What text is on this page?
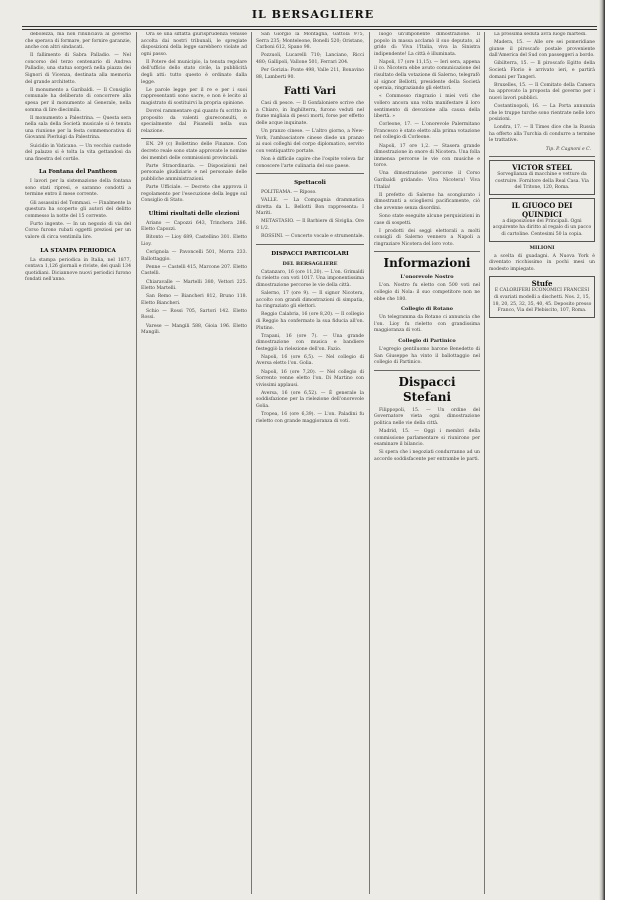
IL BERSAGLIERE

debolezza, ma non rinunciava al governo che sperava di formare, per fornire garanzie, anche con altri sindacati.

Il fallimento di Sabra Palladio. — Nel concorso del terzo centenario di Andrea Palladio, una statua sorgerà nella piazza dei Signori di Vicenza, destinata alla memoria del grande architetto.

Il monumento a Garibaldi. — Il Consiglio comunale ha deliberato di concorrere alla spesa per il monumento al Generale, nella somma di lire diecimila.

Il monumento a Palestrina. — Questa sera nella sala della Società musicale si è tenuta una riunione per la festa commemorativa di Giovanni Pierluigi da Palestrina.

Suicidio in Vaticano. — Un vecchio custode del palazzo si è tolta la vita gettandosi da una finestra del cortile.

La Fontana del Pantheon

I lavori per la sistemazione della fontana sono stati ripresi, e saranno condotti a termine entro il mese corrente.

Gli assassini del Tommasi. — Finalmente la questura ha scoperto gli autori del delitto commesso la notte del 15 corrente.

Furto ingente. — In un negozio di via del Corso furono rubati oggetti preziosi per un valore di circa ventimila lire.

LA STAMPA PERIODICA

La stampa periodica in Italia, nel 1877, contava 1,126 giornali e riviste, dei quali 134 quotidiani. Diciannove nuovi periodici furono fondati nell'anno.

Ora se una siffatta giurisprudenza venisse accolta dai nostri tribunali, le spregiate disposizioni della legge sarebbero violate ad ogni passo.

Il Potere del municipio, la tenuta regolare dell'ufficio dello stato civile, la pubblicità degli atti: tutto questo è ordinato dalla legge.

Le parole legge per il re e per i suoi rappresentanti sono sacre, e non è lecito al magistrato di sostituirvi la propria opinione.

Dovrei rammentare qui quanto fu scritto in proposito da valenti giureconsulti, e specialmente dal Pisanelli nella sua relazione.

EN. 29 (c) Bollettino delle Finanze. Con decreto reale sono state approvate le nomine dei membri delle commissioni provinciali.

Parte Straordinaria. — Disposizioni nel personale giudiziario e nel personale delle pubbliche amministrazioni.

Parte Ufficiale. — Decreto che approva il regolamento per l'esecuzione della legge sul Consiglio di Stato.

Ultimi risultati delle elezioni

Ariano — Capozzi 643, Trinchera 286. Eletto Capozzi.

Bitonto — Lioy 689, Castellino 301. Eletto Lioy.

Cerignola — Pavoncelli 501, Morra 233. Ballottaggio.

Penne — Castelli 415, Marcone 207. Eletto Castelli.

Chiaravalle — Martelli 380, Vettori 225. Eletto Martelli.

San Remo — Biancheri 812, Bruno 118. Eletto Biancheri.

Schio — Rossi 705, Sartori 142. Eletto Rossi.

Varese — Mangili 588, Gioia 196. Eletto Mangili.

San Giorgio la Montagna, Gattola 975, Serra 235; Monteleone, Bonelli 520; Oristano, Carboni 612, Spano 98.

Pozzuoli, Lucarelli 710; Lanciano, Ricci 480; Gallipoli, Vallone 501, Ferrari 204.

Per Gorizia: Ponte 498, Valle 211, Bonavino 88, Lamberti 90.

Fatti Vari

Casi di pesce. — Il Gonfaloniere scrive che a Chiaro, in Inghilterra, furono veduti nel fiume migliaia di pesci morti, forse per effetto delle acque inquinate.

Un pranzo cinese. — L'altro giorno, a New-York, l'ambasciatore cinese diede un pranzo ai suoi colleghi del corpo diplomatico, servito con ventiquattro portate.

Non è difficile capire che l'ospite voleva far conoscere l'arte culinaria del suo paese.

Spettacoli

POLITEAMA. — Riposo.

VALLE. — La Compagnia drammatica diretta da L. Bellotti Bon rappresenta: I Mariti.

METASTASIO. — Il Barbiere di Siviglia. Ore 8 1/2.

ROSSINI. — Concerto vocale e strumentale.

DISPACCI PARTICOLARI
DEL BERSAGLIERE

Catanzaro, 16 (ore 11,20). — L'on. Grimaldi fu rieletto con voti 1017. Una imponentissima dimostrazione percorse le vie della città.

Salerno, 17 (ore 9). — Il signor Nicotera, accolto con grandi dimostrazioni di simpatia, ha ringraziato gli elettori.

Reggio Calabria, 16 (ore 8,20). — Il collegio di Reggio ha confermato la sua fiducia all'on. Plutino.

Trapani, 16 (ore 7). — Una grande dimostrazione con musica e bandiere festeggiò la rielezione dell'on. Fazio.

Napoli, 16 (ore 6,5). — Nel collegio di Aversa eletto l'on. Golia.

Napoli, 16 (ore 7,20). — Nel collegio di Sorrento venne eletto l'on. Di Martino con vivissimi applausi.

Aversa, 16 (ore 6,52). — È generale la soddisfazione per la rielezione dell'onorevole Golia.

Tropea, 16 (ore 6,39). — L'on. Paladini fu rieletto con grande maggioranza di voti.

luogo un'imponente dimostrazione. Il popolo in massa acclamò il suo deputato, al grido di: Viva l'Italia, viva la Sinistra indipendente! La città è illuminata.

Napoli, 17 (ore 11,15). — Ieri sera, appena il co. Nicotera ebbe avuto comunicazione del risultato della votazione di Salerno, telegrafò al signor Bellotti, presidente della Società operaia, ringraziando gli elettori.

« Commosso ringrazio i miei voti che vollero ancora una volta manifestare il loro sentimento di devozione alla causa della libertà. »

Corleone, 17. — L'onorevole Palermitano Francesco è stato eletto alla prima votazione nel collegio di Corleone.

Napoli, 17 ore 1,2. — Stasera grande dimostrazione in onore di Nicotera. Una folla immensa percorse le vie con musiche e torce.

Una dimostrazione percorse il Corso Garibaldi gridando: Viva Nicotera! Viva l'Italia!

Il prefetto di Salerno ha scongiurato i dimostranti a sciogliersi pacificamente, ciò che avvenne senza disordini.

Sono state eseguite alcune perquisizioni in case di sospetti.

I prodotti dei seggi elettorali a molti consigli di Salerno vennero a Napoli a ringraziare Nicotera del loro voto.

Informazioni
L'onorevole Nostro

L'on. Nostro fu eletto con 500 voti nel collegio di Nola: il suo competitore non ne ebbe che 180.

Collegio di Rotano

Un telegramma da Rotano ci annuncia che l'on. Lioy fu rieletto con grandissima maggioranza di voti.

Collegio di Partinico

L'egregio gentiluomo barone Benedetto di San Giuseppe ha vinto il ballottaggio nel collegio di Partinico.

Dispacci Stefani

Filippopoli, 15. — Un ordine del Governatore vieta ogni dimostrazione politica nelle vie della città.

Madrid, 15. — Oggi i membri della commissione parlamentare si riunirono per esaminare il bilancio.

Si spera che i negoziati condurranno ad un accordo soddisfacente per entrambe le parti.

La prossima seduta avrà luogo martedì.

Madera, 15. — Alle ore sei pomeridiane giunse il piroscafo postale proveniente dall'America del Sud con passeggeri a bordo.

Gibilterra, 15. — Il piroscafo Egitto della Società Florio è arrivato ieri, e partirà domani per Tangeri.

Bruxelles, 15. — Il Comitato della Camera ha approvato la proposta del governo per i nuovi lavori pubblici.

Costantinopoli, 16. — La Porta annunzia che le truppe turche sono rientrate nelle loro posizioni.

Londra, 17. — Il Times dice che la Russia ha offerto alla Turchia di condurre a termine le trattative.

Tip. P. Cagnoni e C.
VICTOR STEEL
Sorveglianza di macchine e vetture da costruire. Fornitore della Real Casa. Via del Tritone, 120, Roma.
IL GIUOCO DEI QUINDICI
a disposizione dei Principali. Ogni acquirente ha diritto al regalo di un pacco di cartoline. Centesimi 50 la copia.
MILIONI

a scelta di guadagni. A Nuova York è diventato ricchissimo in pochi mesi un modesto impiegato.

Stufe
E CALORIFERI ECONOMICI FRANCESI di svariati modelli a dischetti. Nos. 2, 15, 18, 20, 25, 32, 35, 40, 45. Deposito presso Franco, Via del Plebiscito, 107, Roma.
